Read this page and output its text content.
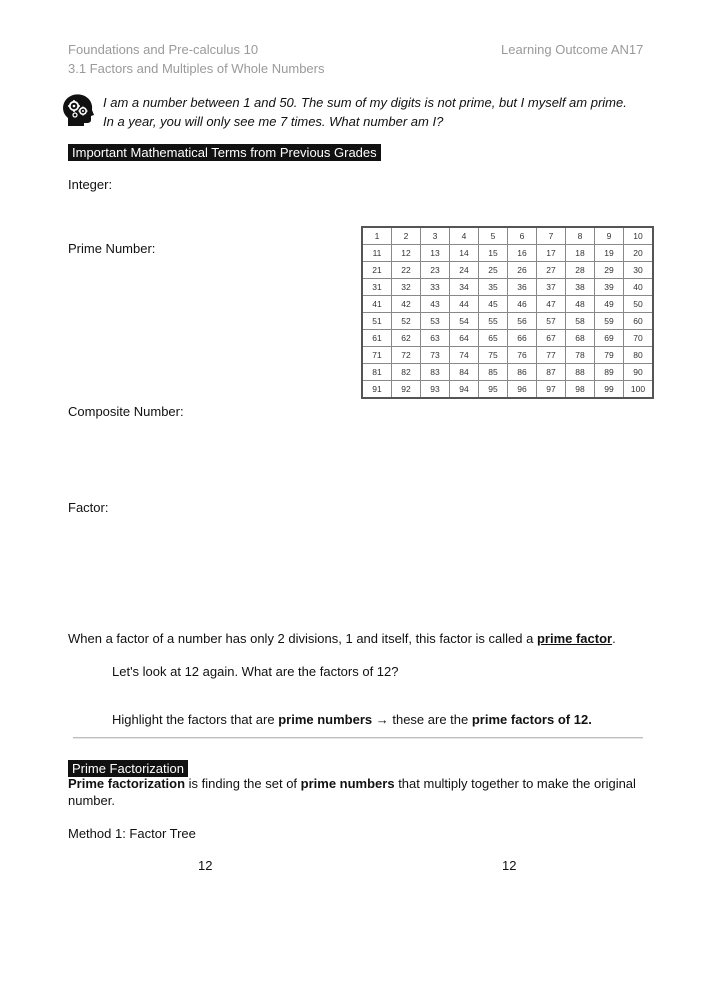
Foundations and Pre-calculus 10	Learning Outcome AN17
3.1 Factors and Multiples of Whole Numbers
I am a number between 1 and 50. The sum of my digits is not prime, but I myself am prime.
In a year, you will only see me 7 times. What number am I?
Important Mathematical Terms from Previous Grades
Integer:
Prime Number:
Composite Number:
Factor:
1	2	3	4	5	6	7	8	9	10
11	12	13	14	15	16	17	18	19	20
21	22	23	24	25	26	27	28	29	30
31	32	33	34	35	36	37	38	39	40
41	42	43	44	45	46	47	48	49	50
51	52	53	54	55	56	57	58	59	60
61	62	63	64	65	66	67	68	69	70
71	72	73	74	75	76	77	78	79	80
81	82	83	84	85	86	87	88	89	90
91	92	93	94	95	96	97	98	99	100
When a factor of a number has only 2 divisions, 1 and itself, this factor is called a prime factor.
Let's look at 12 again. What are the factors of 12?
Highlight the factors that are prime numbers → these are the prime factors of 12.
Prime Factorization
Prime factorization is finding the set of prime numbers that multiply together to make the original number.
Method 1: Factor Tree
12	12
